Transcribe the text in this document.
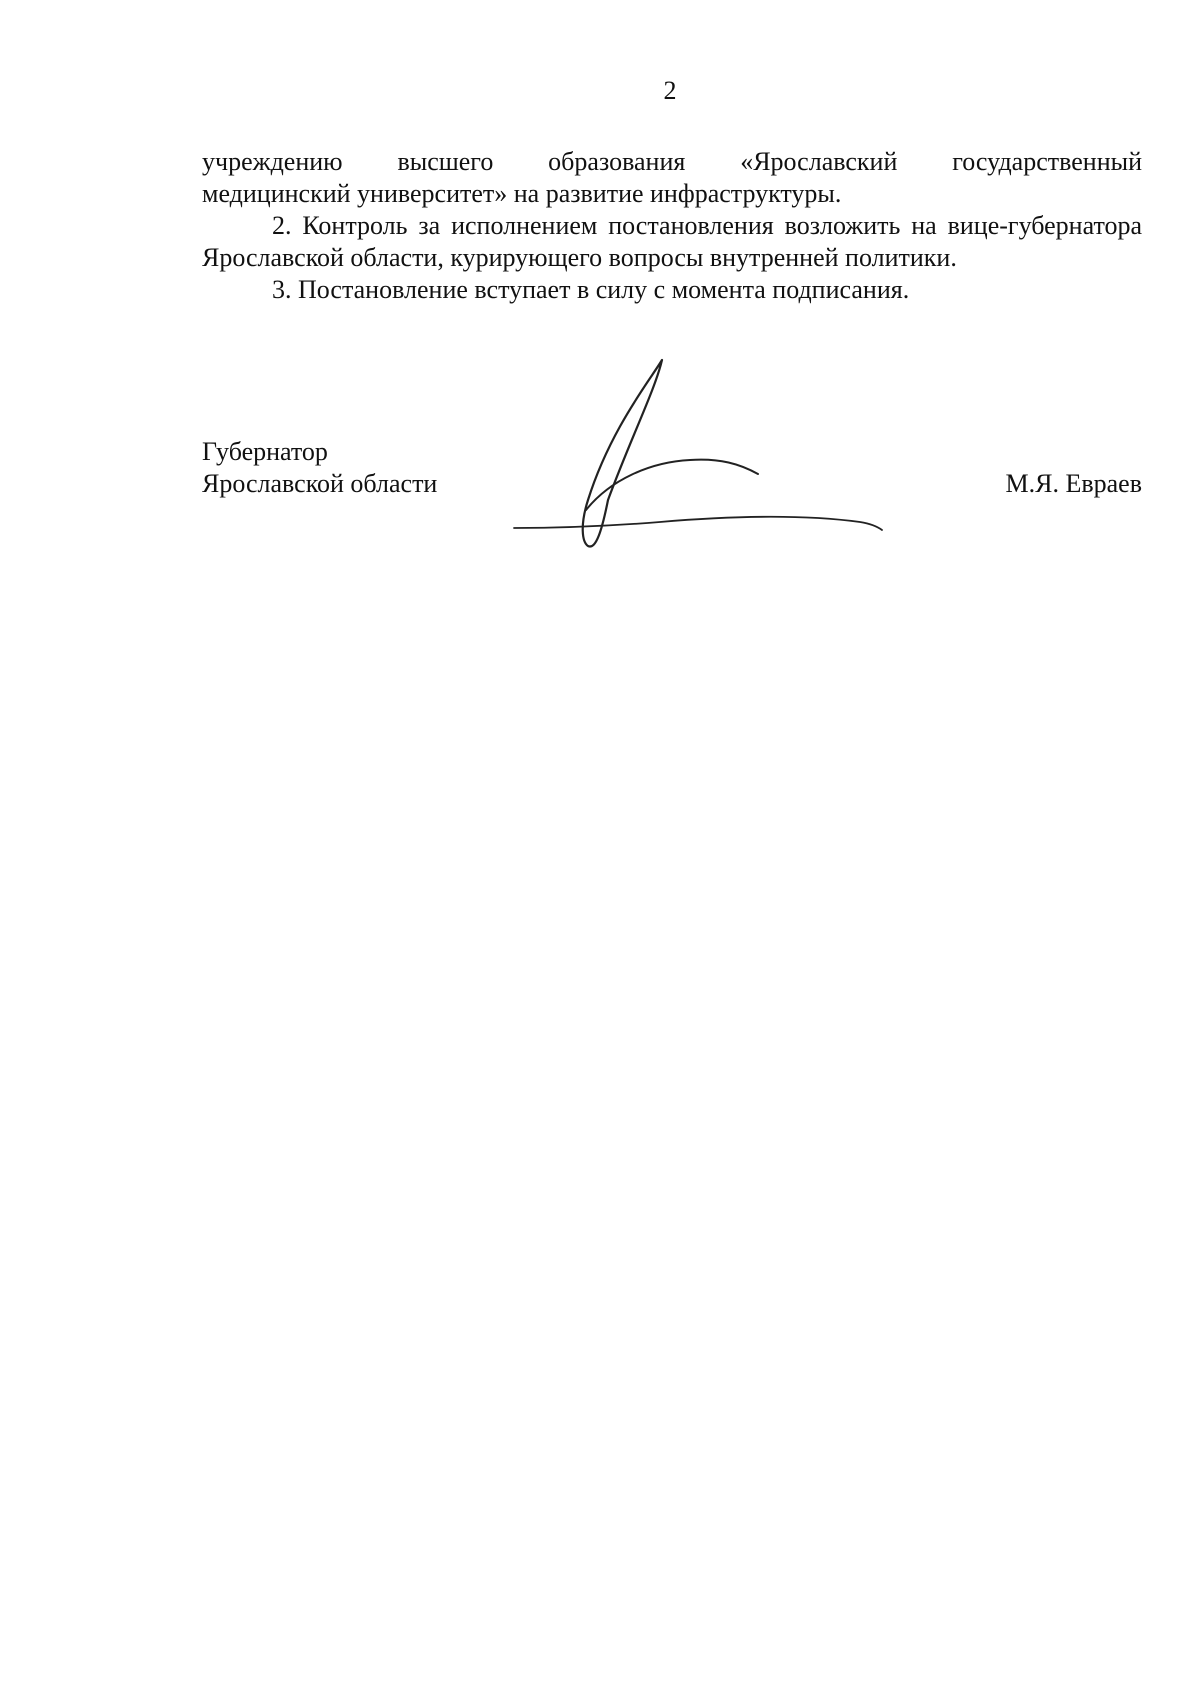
2

учреждению высшего образования «Ярославский государственный
медицинский университет» на развитие инфраструктуры.

2. Контроль за исполнением постановления возложить на вице-губернатора Ярославской области, курирующего вопросы внутренней политики.

3. Постановление вступает в силу с момента подписания.

Губернатор
Ярославской области	М.Я. Евраев
